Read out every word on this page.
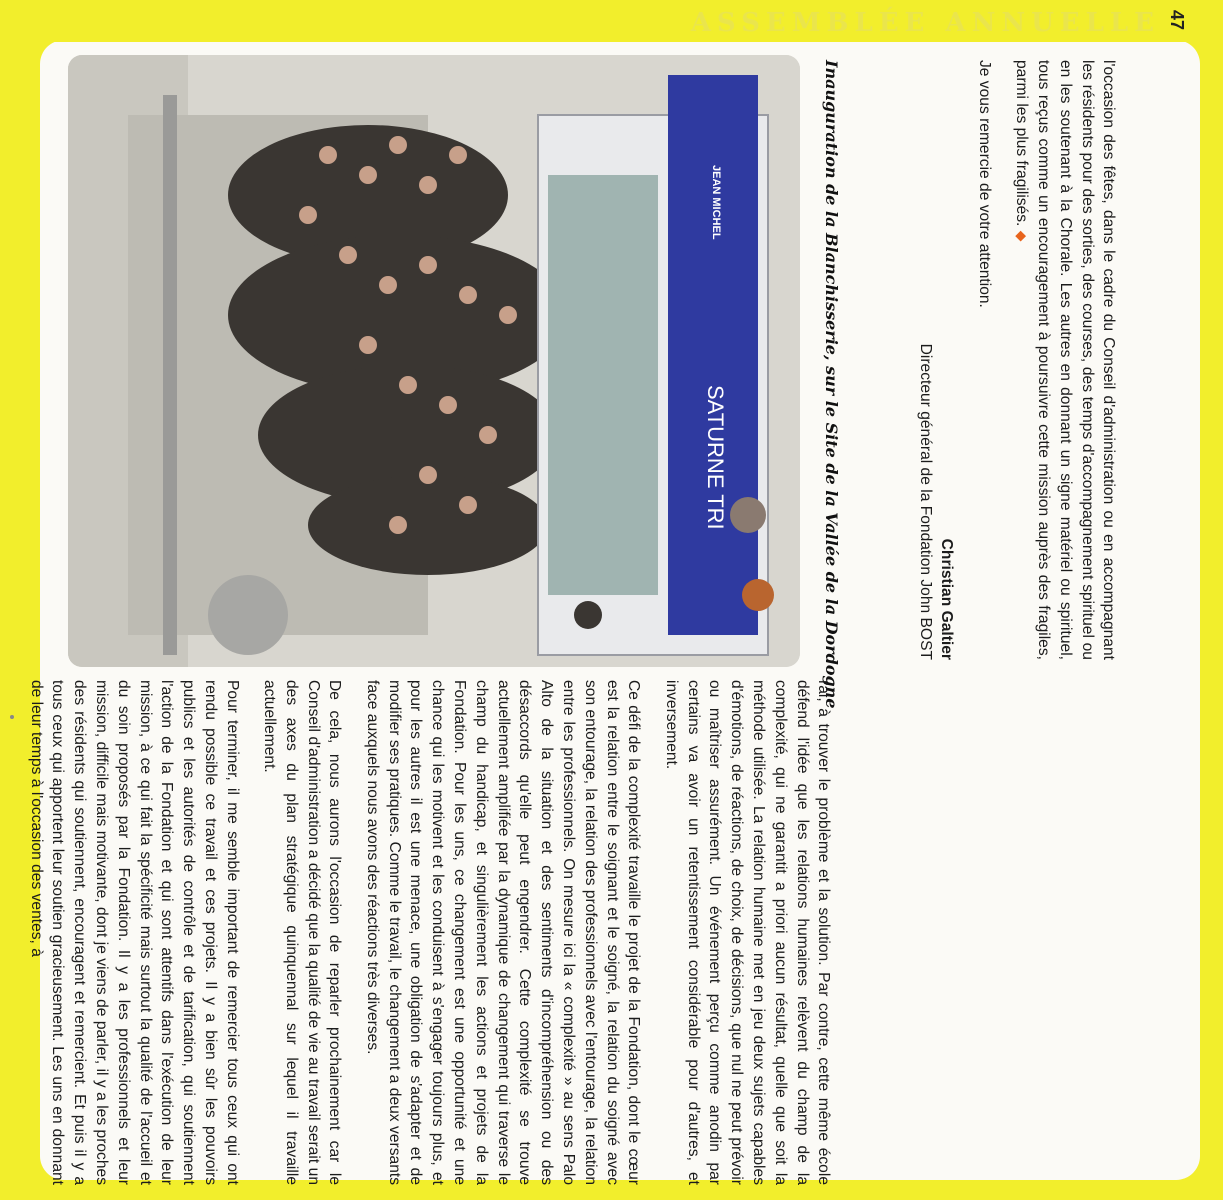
ASSEMBLÉE ANNUELLE 47
SATURNE TRI
JEAN MICHEL	Inauguration de la Blanchisserie, sur le Site de la Vallée de la Dordogne

ral, à trouver le problème et la solution. Par contre, cette même école défend l'idée que les relations humaines relèvent du champ de la complexité, qui ne garantit a priori aucun résultat, quelle que soit la méthode utilisée. La relation humaine met en jeu deux sujets capables d'émotions, de réactions, de choix, de décisions, que nul ne peut prévoir ou maîtriser assurément. Un événement perçu comme anodin par certains va avoir un retentissement considérable pour d'autres, et inversement.

Ce défi de la complexité travaille le projet de la Fondation, dont le cœur est la relation entre le soignant et le soigné, la relation du soigné avec son entourage, la relation des professionnels avec l'entourage, la relation entre les professionnels. On mesure ici la « complexité » au sens Palo Alto de la situation et des sentiments d'incompréhension ou des désaccords qu'elle peut engendrer. Cette complexité se trouve actuellement amplifiée par la dynamique de changement qui traverse le champ du handicap, et singulièrement les actions et projets de la Fondation. Pour les uns, ce changement est une opportunité et une chance qui les motivent et les conduisent à s'engager toujours plus, et pour les autres il est une menace, une obligation de s'adapter et de modifier ses pratiques. Comme le travail, le changement a deux versants face auxquels nous avons des réactions très diverses.

De cela, nous aurons l'occasion de reparler prochainement car le Conseil d'administration a décidé que la qualité de vie au travail serait un des axes du plan stratégique quinquennal sur lequel il travaille actuellement.

Pour terminer, il me semble important de remercier tous ceux qui ont rendu possible ce travail et ces projets. Il y a bien sûr les pouvoirs publics et les autorités de contrôle et de tarification, qui soutiennent l'action de la Fondation et qui sont attentifs dans l'exécution de leur mission, à ce qui fait la spécificité mais surtout la qualité de l'accueil et du soin proposés par la Fondation. Il y a les professionnels et leur mission, difficile mais motivante, dont je viens de parler, il y a les proches des résidents qui soutiennent, encouragent et remercient. Et puis il y a tous ceux qui apportent leur soutien gracieusement. Les uns en donnant de leur temps à l'occasion des ventes, à

l'occasion des fêtes, dans le cadre du Conseil d'administration ou en accompagnant les résidents pour des sorties, des courses, des temps d'accompagnement spirituel ou en les soutenant à la Chorale. Les autres en donnant un signe matériel ou spirituel, tous reçus comme un encouragement à poursuivre cette mission auprès des fragiles, parmi les plus fragilisés. ◆

Je vous remercie de votre attention.

Christian Galtier
Directeur général de la Fondation John BOST
